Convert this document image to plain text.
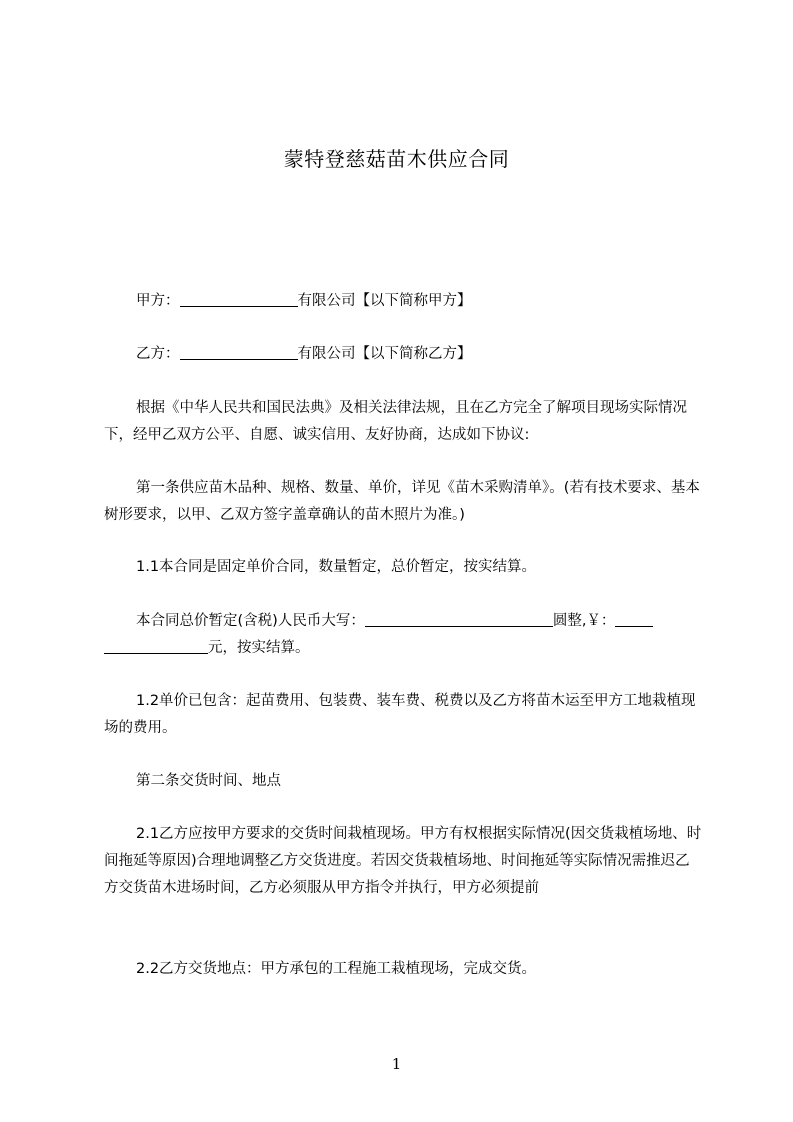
蒙特登慈菇苗木供应合同
甲方：	有限公司【以下简称甲方】
乙方：	有限公司【以下简称乙方】
根据《中华人民共和国民法典》及相关法律法规，且在乙方完全了解项目现场实际情况下，经甲乙双方公平、自愿、诚实信用、友好协商，达成如下协议:
第一条供应苗木品种、规格、数量、单价，详见《苗木采购清单》。(若有技术要求、基本树形要求，以甲、乙双方签字盖章确认的苗木照片为准。)
1.1本合同是固定单价合同，数量暂定，总价暂定，按实结算。
本合同总价暂定(含税)人民币大写：	圆整,￥：
元，按实结算。
1.2单价已包含：起苗费用、包装费、装车费、税费以及乙方将苗木运至甲方工地栽植现场的费用。
第二条交货时间、地点
2.1乙方应按甲方要求的交货时间栽植现场。甲方有权根据实际情况(因交货栽植场地、时间拖延等原因)合理地调整乙方交货进度。若因交货栽植场地、时间拖延等实际情况需推迟乙方交货苗木进场时间，乙方必须服从甲方指令并执行，甲方必须提前
2.2乙方交货地点：甲方承包的工程施工栽植现场，完成交货。
1
